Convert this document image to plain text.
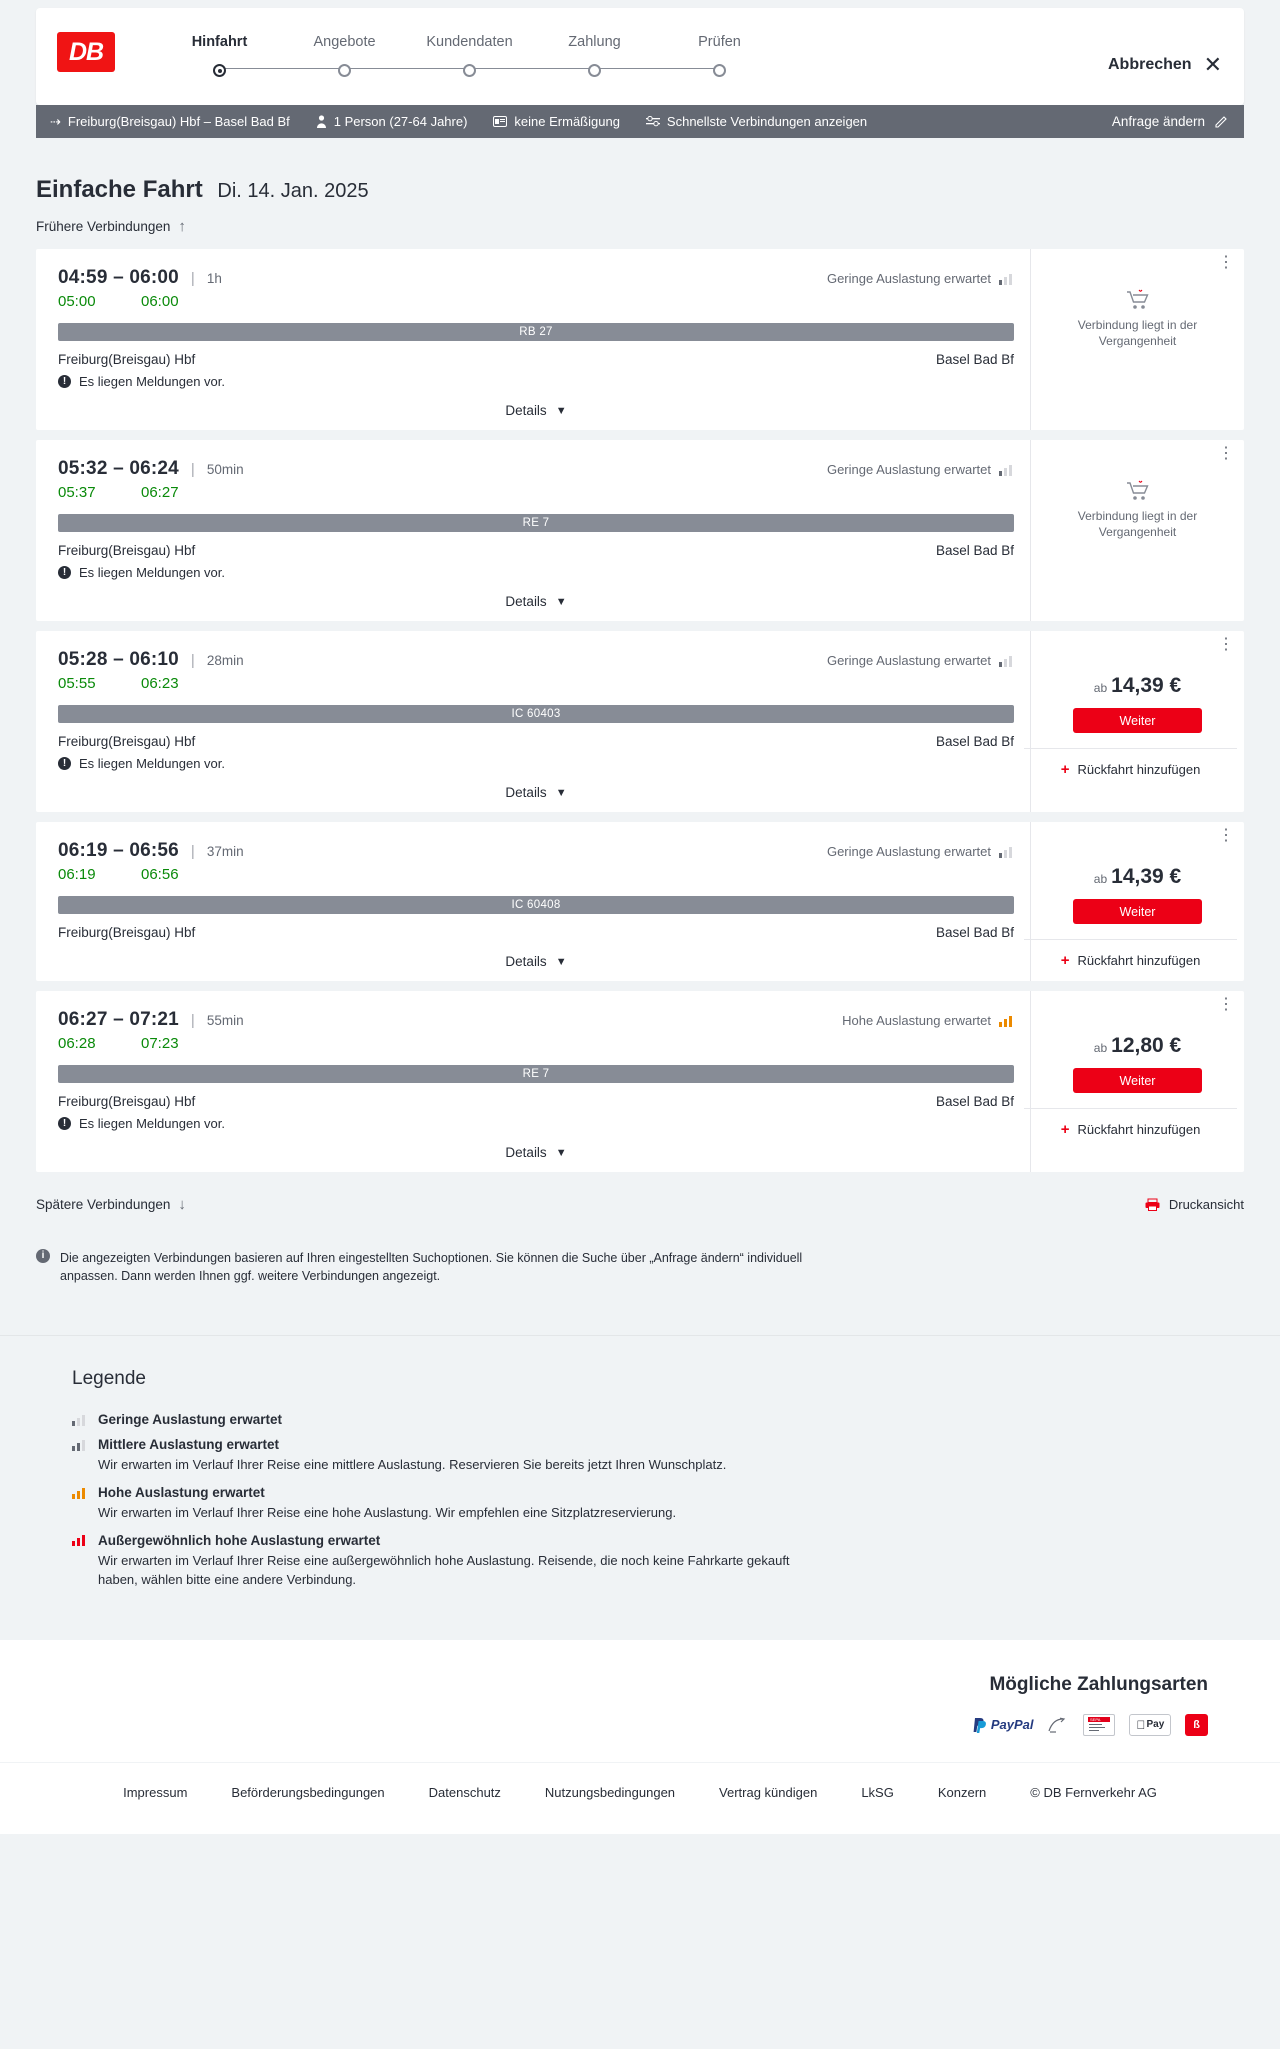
DB	Hinfahrt	Angebote	Kundendaten	Zahlung	Prüfen
Abbrechen ✕
⇢ Freiburg(Breisgau) Hbf – Basel Bad Bf	1 Person (27-64 Jahre)	keine Ermäßigung	Schnellste Verbindungen anzeigen	Anfrage ändern
Einfache Fahrt Di. 14. Jan. 2025
Frühere Verbindungen ↑
04:59 – 06:00 | 1h	Geringe Auslastung erwartet
05:00	06:00
RB 27
Freiburg(Breisgau) Hbf	Basel Bad Bf
! Es liegen Meldungen vor.
Details ▼
⋮
Verbindung liegt in der Vergangenheit
05:32 – 06:24 | 50min	Geringe Auslastung erwartet
05:37	06:27
RE 7
Freiburg(Breisgau) Hbf	Basel Bad Bf
! Es liegen Meldungen vor.
Details ▼
⋮
Verbindung liegt in der Vergangenheit
05:28 – 06:10 | 28min	Geringe Auslastung erwartet
05:55	06:23
IC 60403
Freiburg(Breisgau) Hbf	Basel Bad Bf
! Es liegen Meldungen vor.
Details ▼
⋮
ab 14,39 €
Weiter
+ Rückfahrt hinzufügen
06:19 – 06:56 | 37min	Geringe Auslastung erwartet
06:19	06:56
IC 60408
Freiburg(Breisgau) Hbf	Basel Bad Bf
Details ▼
⋮
ab 14,39 €
Weiter
+ Rückfahrt hinzufügen
06:27 – 07:21 | 55min	Hohe Auslastung erwartet
06:28	07:23
RE 7
Freiburg(Breisgau) Hbf	Basel Bad Bf
! Es liegen Meldungen vor.
Details ▼
⋮
ab 12,80 €
Weiter
+ Rückfahrt hinzufügen
Spätere Verbindungen ↓	Druckansicht
i	Die angezeigten Verbindungen basieren auf Ihren eingestellten Suchoptionen. Sie können die Suche über „Anfrage ändern“ individuell anpassen. Dann werden Ihnen ggf. weitere Verbindungen angezeigt.
Legende
Geringe Auslastung erwartet
Mittlere Auslastung erwartet
Wir erwarten im Verlauf Ihrer Reise eine mittlere Auslastung. Reservieren Sie bereits jetzt Ihren Wunschplatz.
Hohe Auslastung erwartet
Wir erwarten im Verlauf Ihrer Reise eine hohe Auslastung. Wir empfehlen eine Sitzplatzreservierung.
Außergewöhnlich hohe Auslastung erwartet
Wir erwarten im Verlauf Ihrer Reise eine außergewöhnlich hohe Auslastung. Reisende, die noch keine Fahrkarte gekauft haben, wählen bitte eine andere Verbindung.
Mögliche Zahlungsarten
PayPal	SEPA	Pay	ß
Impressum	Beförderungsbedingungen	Datenschutz	Nutzungsbedingungen	Vertrag kündigen	LkSG	Konzern	© DB Fernverkehr AG
